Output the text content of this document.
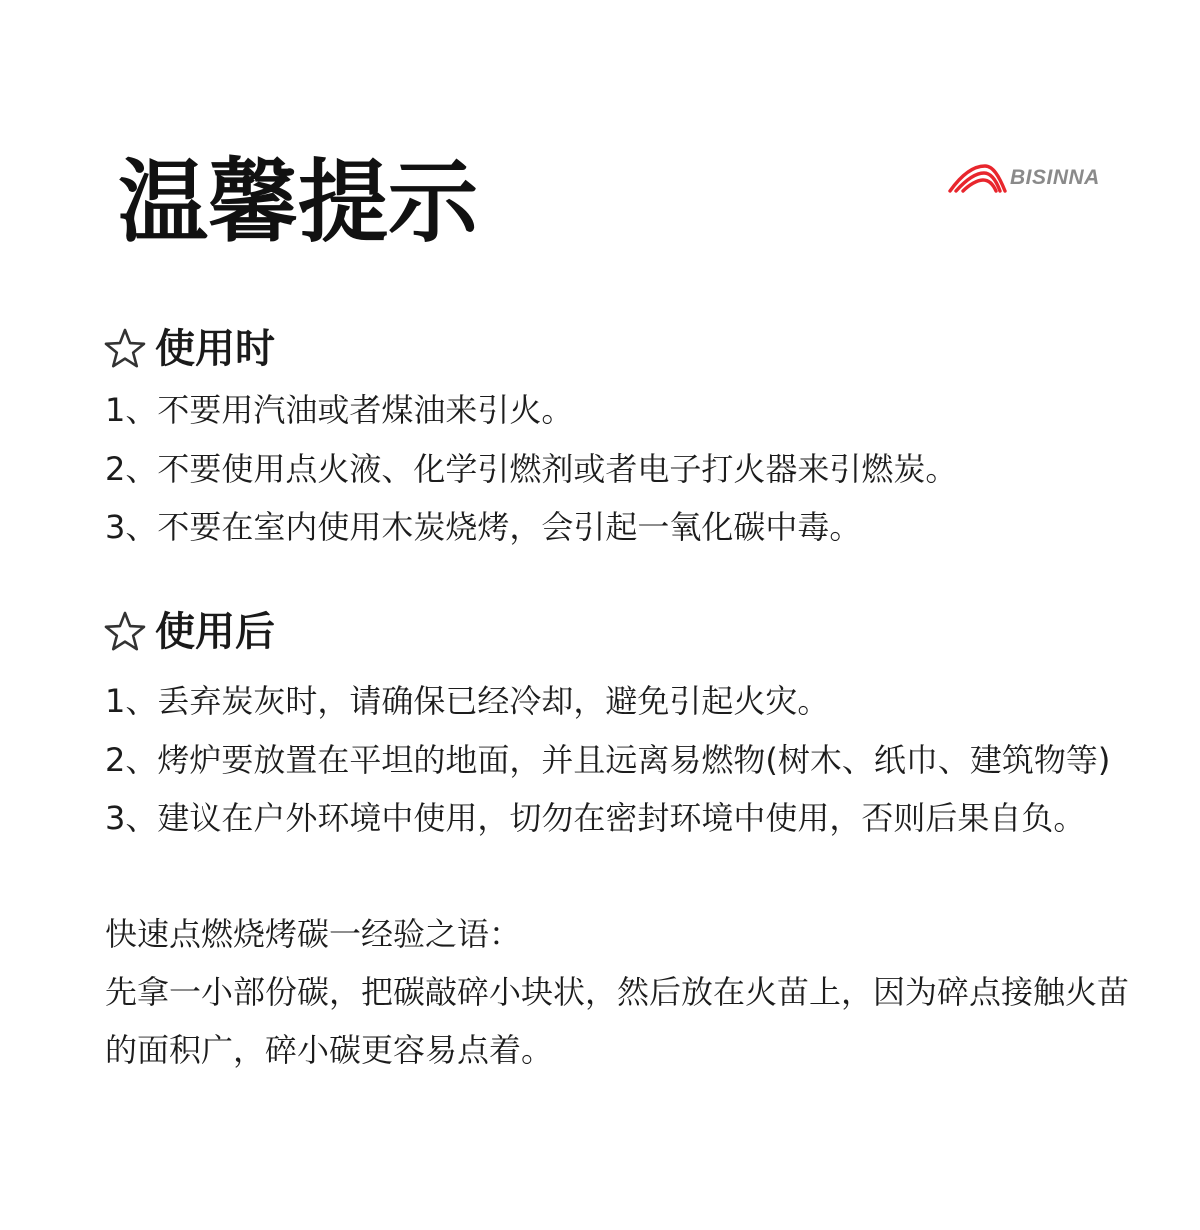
温馨提示	BISINNA
使用时
1、不要用汽油或者煤油来引火。
2、不要使用点火液、化学引燃剂或者电子打火器来引燃炭。
3、不要在室内使用木炭烧烤，会引起一氧化碳中毒。
使用后
1、丢弃炭灰时，请确保已经冷却，避免引起火灾。
2、烤炉要放置在平坦的地面，并且远离易燃物(树木、纸巾、建筑物等)
3、建议在户外环境中使用，切勿在密封环境中使用，否则后果自负。

快速点燃烧烤碳一经验之语：

先拿一小部份碳，把碳敲碎小块状，然后放在火苗上，因为碎点接触火苗的面积广，碎小碳更容易点着。
